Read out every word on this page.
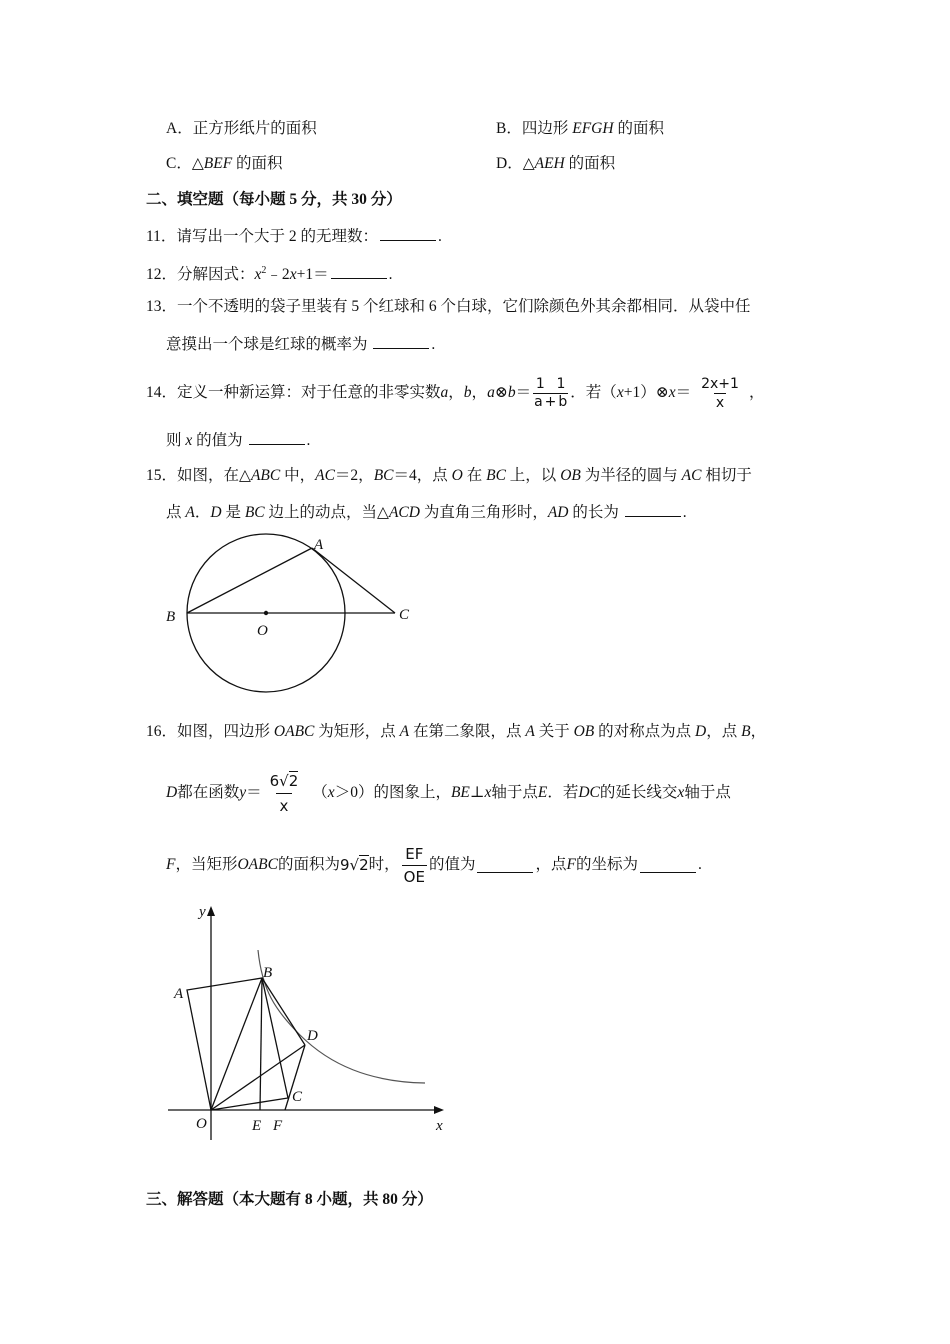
A．正方形纸片的面积	B．四边形 EFGH 的面积
C．△BEF 的面积	D．△AEH 的面积
二、填空题（每小题 5 分，共 30 分）
11．请写出一个大于 2 的无理数：	.
12．分解因式：$x^2﹣2x+1=$	.
13．一个不透明的袋子里装有 5 个红球和 6 个白球，它们除颜色外其余都相同．从袋中任
意摸出一个球是红球的概率为	.
14． 定义一种新运算：对于任意的非零实数 a ， b ， a ⊗ b ＝
1 1
a + b
．若（ x +1）⊗ $x = \frac{2x+1}{x}$ ，
则 x 的值为	.
15．如图，在△ABC 中，AC＝2，BC＝4，点 O 在 BC 上，以 OB 为半径的圆与 AC 相切于
点 A．D 是 BC 边上的动点，当△ACD 为直角三角形时，AD 的长为	.
A
B	C
O
16．如图，四边形 OABC 为矩形，点 A 在第二象限，点 A 关于 OB 的对称点为点 D，点 B，
D 都在函数 $y = \frac{6√2}{x}$ （ x ＞0）的图象上， BE ⊥ x 轴于点 E ．若 DC 的延长线交 x 轴于点
F ，当矩形 OABC 的面积为 9√2 时， $\frac{EF}{OE}$ 的值为	，点 F 的坐标为	.
y
x
A
B
D
C
O	E F
三、解答题（本大题有 8 小题，共 80 分）
